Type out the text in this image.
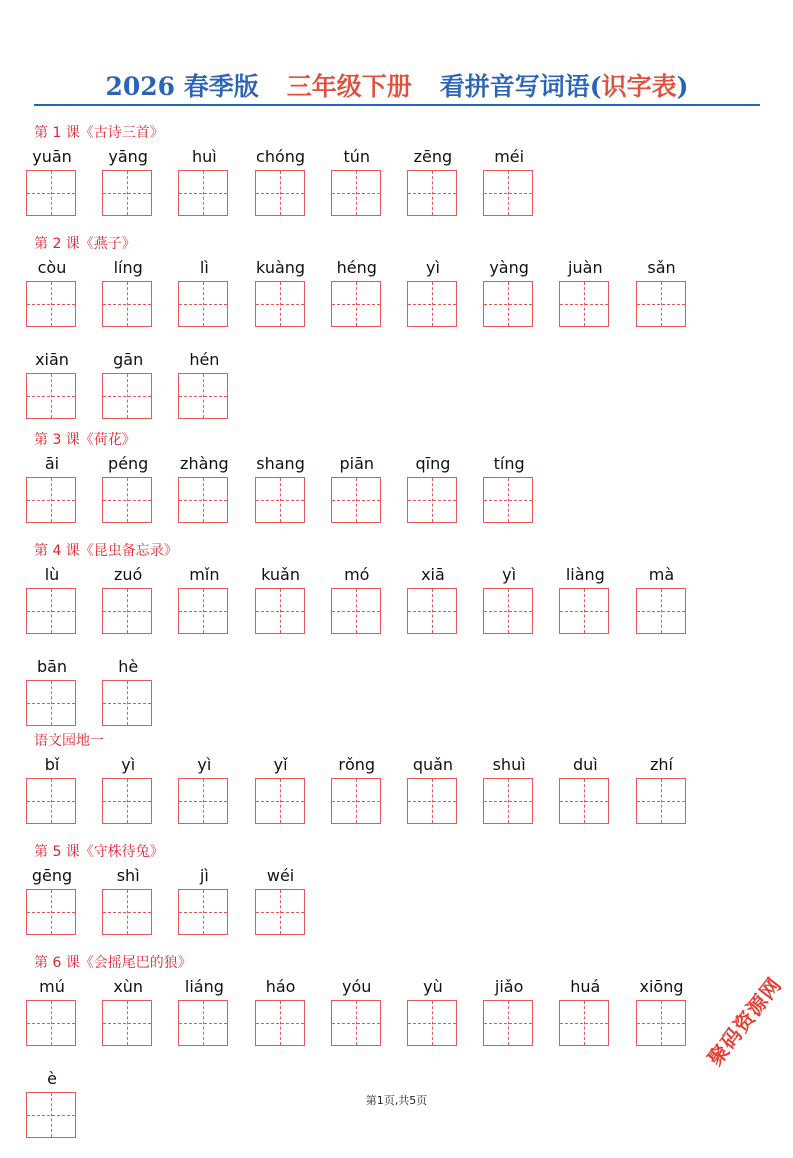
2026 春季版 三年级下册 看拼音写词语(识字表)
第 1 课《古诗三首》
yuān	yāng	huì	chóng	tún	zēng	méi
第 2 课《燕子》
còu	líng	lì	kuàng	héng	yì	yàng	juàn	sǎn
xiān	gān	hén
第 3 课《荷花》
āi	péng	zhàng shang	piān	qīng	tíng
第 4 课《昆虫备忘录》
lù	zuó	mǐn	kuǎn	mó	xiā	yì	liàng	mà
bān	hè
语文园地一
bǐ	yì	yì	yǐ	rǒng	quǎn	shuì	duì	zhí
第 5 课《守株待兔》
gēng	shì	jì	wéi
第 6 课《会摇尾巴的狼》
mú	xùn	liáng	háo	yóu	yù	jiǎo	huá	xiōng
è
聚码资源网
第1页,共5页
